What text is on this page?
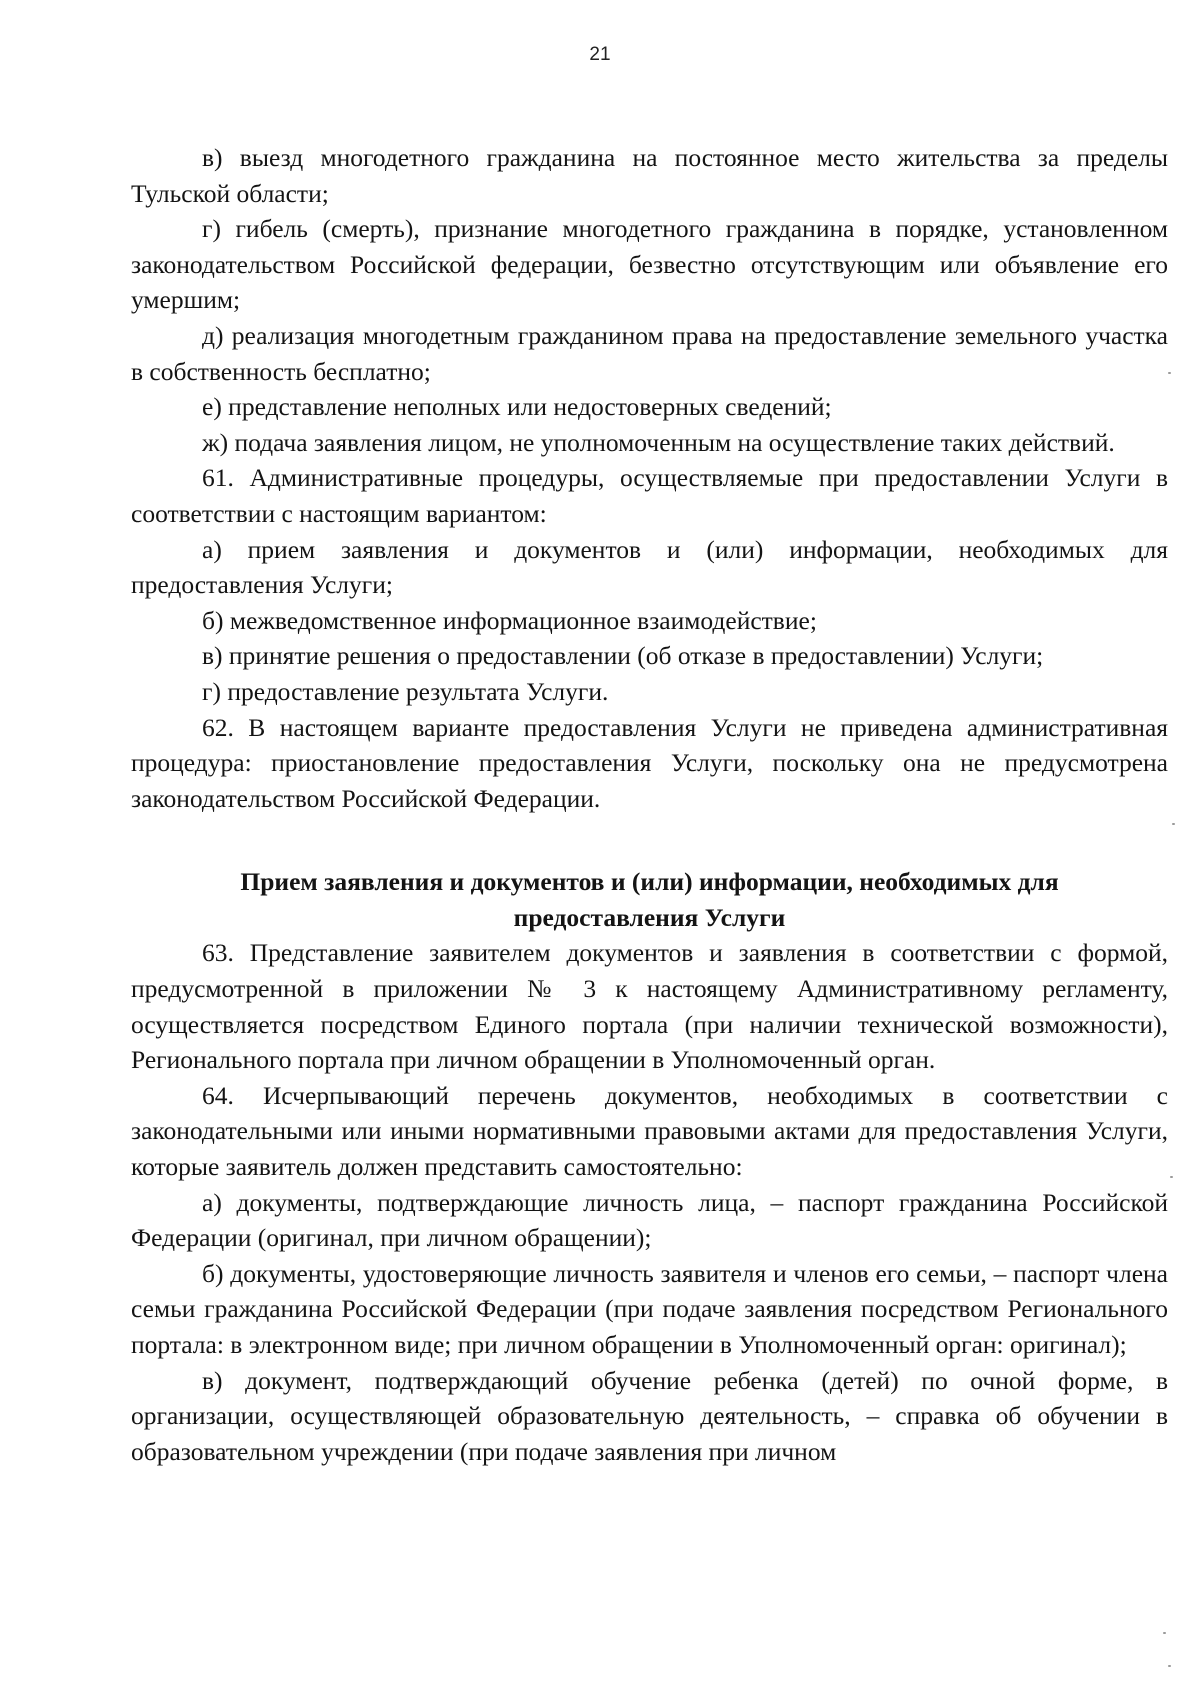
21

в) выезд многодетного гражданина на постоянное место жительства за пределы Тульской области;

г) гибель (смерть), признание многодетного гражданина в порядке, установленном законодательством Российской федерации, безвестно отсутствующим или объявление его умершим;

д) реализация многодетным гражданином права на предоставление земельного участка в собственность бесплатно;

е) представление неполных или недостоверных сведений;

ж) подача заявления лицом, не уполномоченным на осуществление таких действий.

61. Административные процедуры, осуществляемые при предоставлении Услуги в соответствии с настоящим вариантом:

а) прием заявления и документов и (или) информации, необходимых для предоставления Услуги;

б) межведомственное информационное взаимодействие;

в) принятие решения о предоставлении (об отказе в предоставлении) Услуги;

г) предоставление результата Услуги.

62. В настоящем варианте предоставления Услуги не приведена административная процедура: приостановление предоставления Услуги, поскольку она не предусмотрена законодательством Российской Федерации.

Прием заявления и документов и (или) информации, необходимых для предоставления Услуги

63. Представление заявителем документов и заявления в соответствии с формой, предусмотренной в приложении № 3 к настоящему Административному регламенту, осуществляется посредством Единого портала (при наличии технической возможности), Регионального портала при личном обращении в Уполномоченный орган.

64. Исчерпывающий перечень документов, необходимых в соответствии с законодательными или иными нормативными правовыми актами для предоставления Услуги, которые заявитель должен представить самостоятельно:

а) документы, подтверждающие личность лица, – паспорт гражданина Российской Федерации (оригинал, при личном обращении);

б) документы, удостоверяющие личность заявителя и членов его семьи, – паспорт члена семьи гражданина Российской Федерации (при подаче заявления посредством Регионального портала: в электронном виде; при личном обращении в Уполномоченный орган: оригинал);

в) документ, подтверждающий обучение ребенка (детей) по очной форме, в организации, осуществляющей образовательную деятельность, – справка об обучении в образовательном учреждении (при подаче заявления при личном
